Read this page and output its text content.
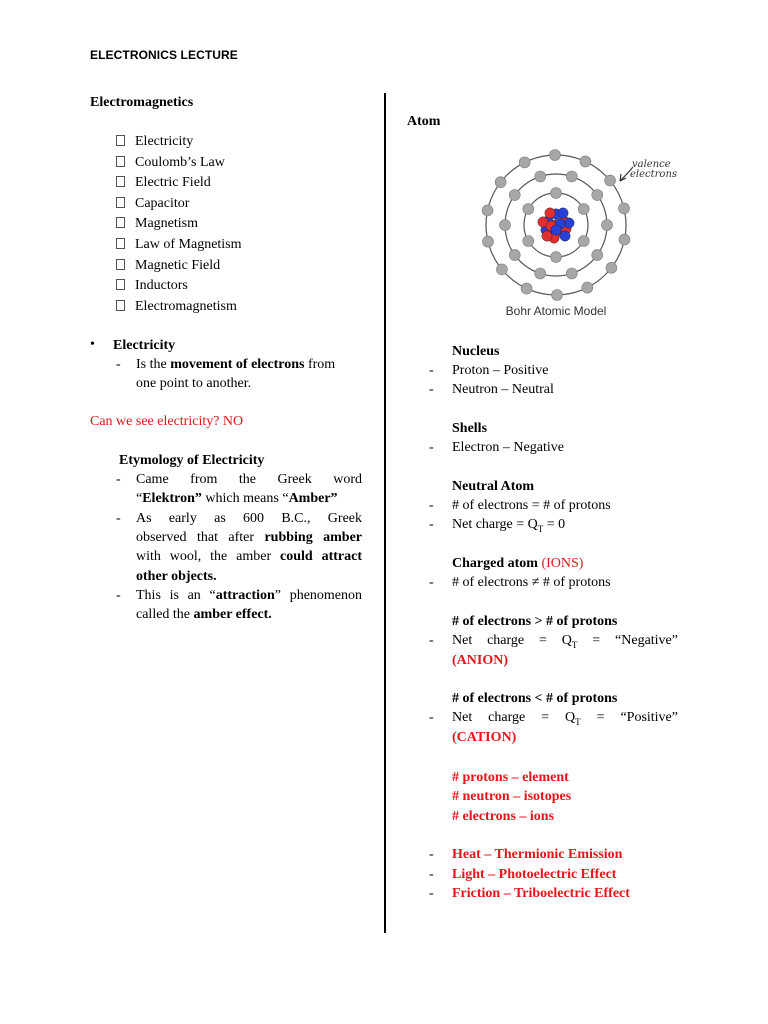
ELECTRONICS LECTURE
Electromagnetics
Electricity
Coulomb’s Law
Electric Field
Capacitor
Magnetism
Law of Magnetism
Magnetic Field
Inductors
Electromagnetism
• Electricity
- Is the movement of electrons from
one point to another.
Can we see electricity? NO
Etymology of Electricity
- Came from the Greek word
“Elektron” which means “Amber”
- As early as 600 B.C., Greek
observed that after rubbing amber
with wool, the amber could attract
other objects.
- This is an “attraction” phenomenon
called the amber effect.
Atom
valence
electrons
Bohr Atomic Model
Nucleus
- Proton – Positive
- Neutron – Neutral
Shells
- Electron – Negative
Neutral Atom
- # of electrons = # of protons
- Net charge = $Q_T = 0$
Charged atom (IONS)
- # of electrons ≠ # of protons
# of electrons > # of protons
- Net charge = $Q_T$ = “Negative”
(ANION)
# of electrons < # of protons
- Net charge = $Q_T$ = “Positive”
(CATION)
# protons – element
# neutron – isotopes
# electrons – ions
-
-
-
Heat – Thermionic Emission
Light – Photoelectric Effect
Friction – Triboelectric Effect
